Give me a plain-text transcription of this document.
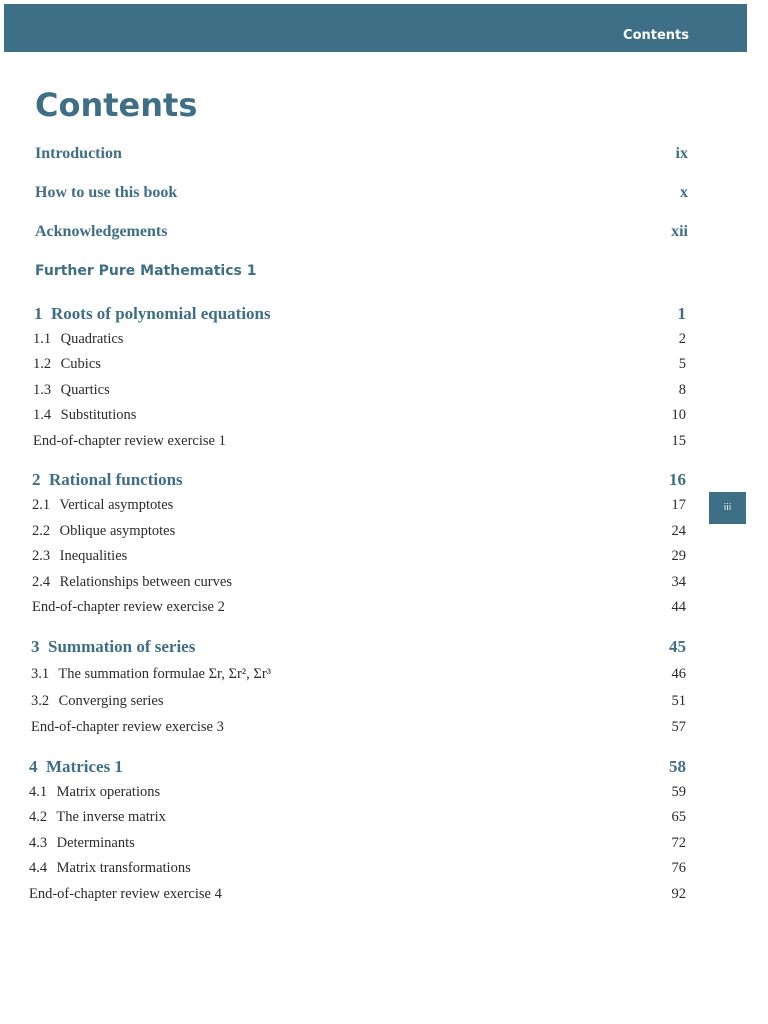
Contents
Contents
Introduction	ix
How to use this book	x
Acknowledgements	xii
Further Pure Mathematics 1
1 Roots of polynomial equations	1
1.1 Quadratics	2
1.2 Cubics	5
1.3 Quartics	8
1.4 Substitutions	10
End-of-chapter review exercise 1	15
2 Rational functions	16
2.1 Vertical asymptotes	17
2.2 Oblique asymptotes	24
2.3 Inequalities	29
2.4 Relationships between curves	34
End-of-chapter review exercise 2	44
3 Summation of series	45
3.1 The summation formulae Σr, Σr², Σr³	46
3.2 Converging series	51
End-of-chapter review exercise 3	57
4 Matrices 1	58
4.1 Matrix operations	59
4.2 The inverse matrix	65
4.3 Determinants	72
4.4 Matrix transformations	76
End-of-chapter review exercise 4	92
iii
